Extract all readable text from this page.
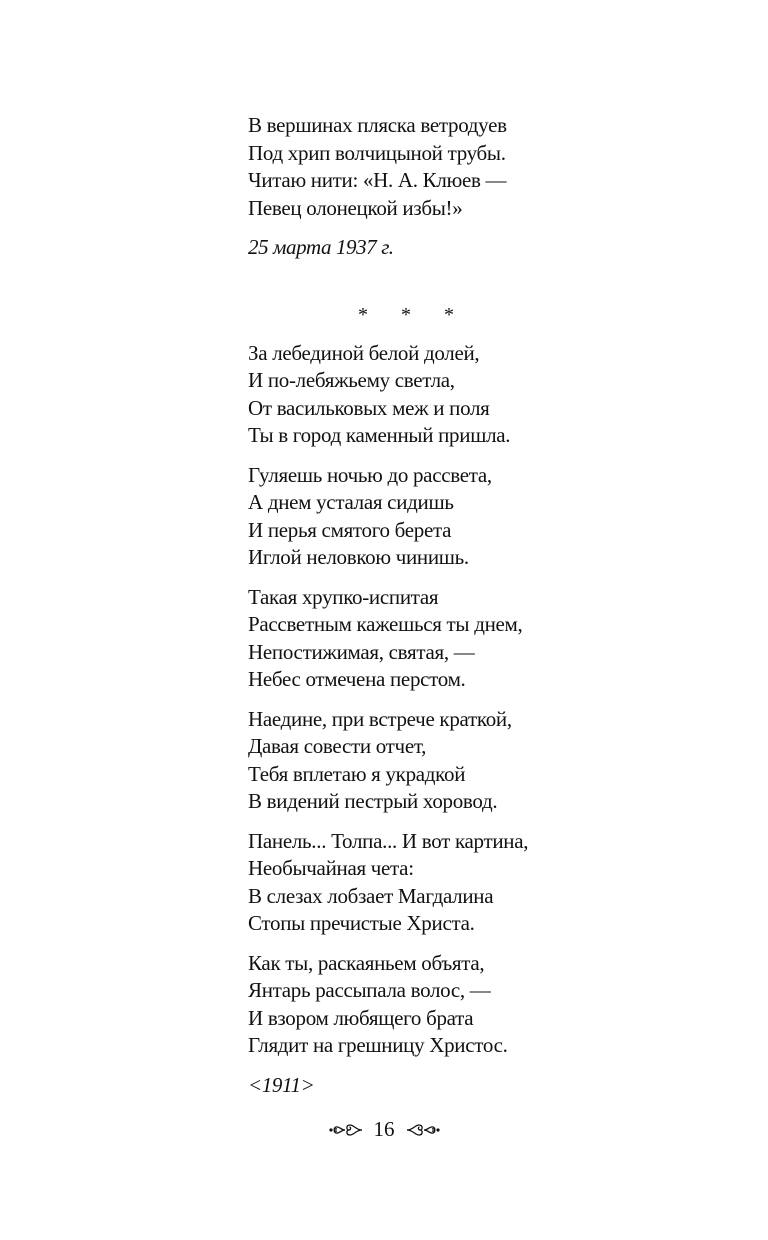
В вершинах пляска ветродуев
Под хрип волчицыной трубы.
Читаю нити: «Н. А. Клюев —
Певец олонецкой избы!»
25 марта 1937 г.
* * *
За лебединой белой долей,
И по-лебяжьему светла,
От васильковых меж и поля
Ты в город каменный пришла.
Гуляешь ночью до рассвета,
А днем усталая сидишь
И перья смятого берета
Иглой неловкою чинишь.
Такая хрупко-испитая
Рассветным кажешься ты днем,
Непостижимая, святая, —
Небес отмечена перстом.
Наедине, при встрече краткой,
Давая совести отчет,
Тебя вплетаю я украдкой
В видений пестрый хоровод.
Панель... Толпа... И вот картина,
Необычайная чета:
В слезах лобзает Магдалина
Стопы пречистые Христа.
Как ты, раскаяньем объята,
Янтарь рассыпала волос, —
И взором любящего брата
Глядит на грешницу Христос.
<1911>
16
